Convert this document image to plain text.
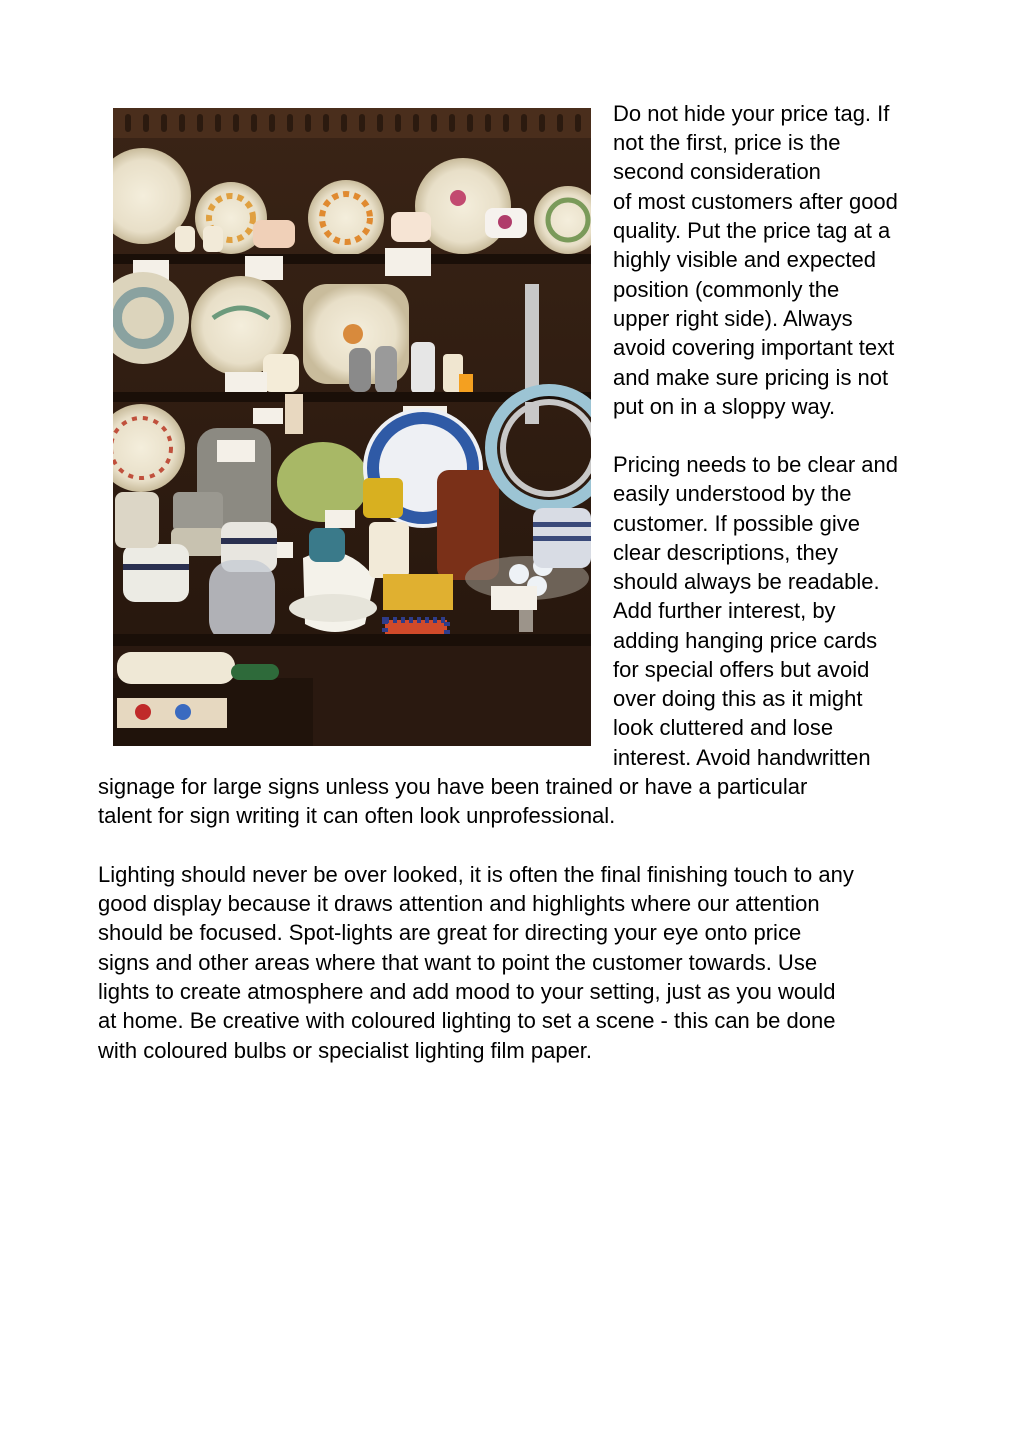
Do not hide your price tag. If
not the first, price is the
second consideration
of most customers after good
quality. Put the price tag at a
highly visible and expected
position (commonly the
upper right side). Always
avoid covering important text
and make sure pricing is not
put on in a sloppy way.
Pricing needs to be clear and
easily understood by the
customer. If possible give
clear descriptions, they
should always be readable.
Add further interest, by
adding hanging price cards
for special offers but avoid
over doing this as it might
look cluttered and lose
interest. Avoid handwritten
signage for large signs unless you have been trained or have a particular
talent for sign writing it can often look unprofessional.
Lighting should never be over looked, it is often the final finishing touch to any
good display because it draws attention and highlights where our attention
should be focused. Spot-lights are great for directing your eye onto price
signs and other areas where that want to point the customer towards. Use
lights to create atmosphere and add mood to your setting, just as you would
at home. Be creative with coloured lighting to set a scene - this can be done
with coloured bulbs or specialist lighting film paper.
